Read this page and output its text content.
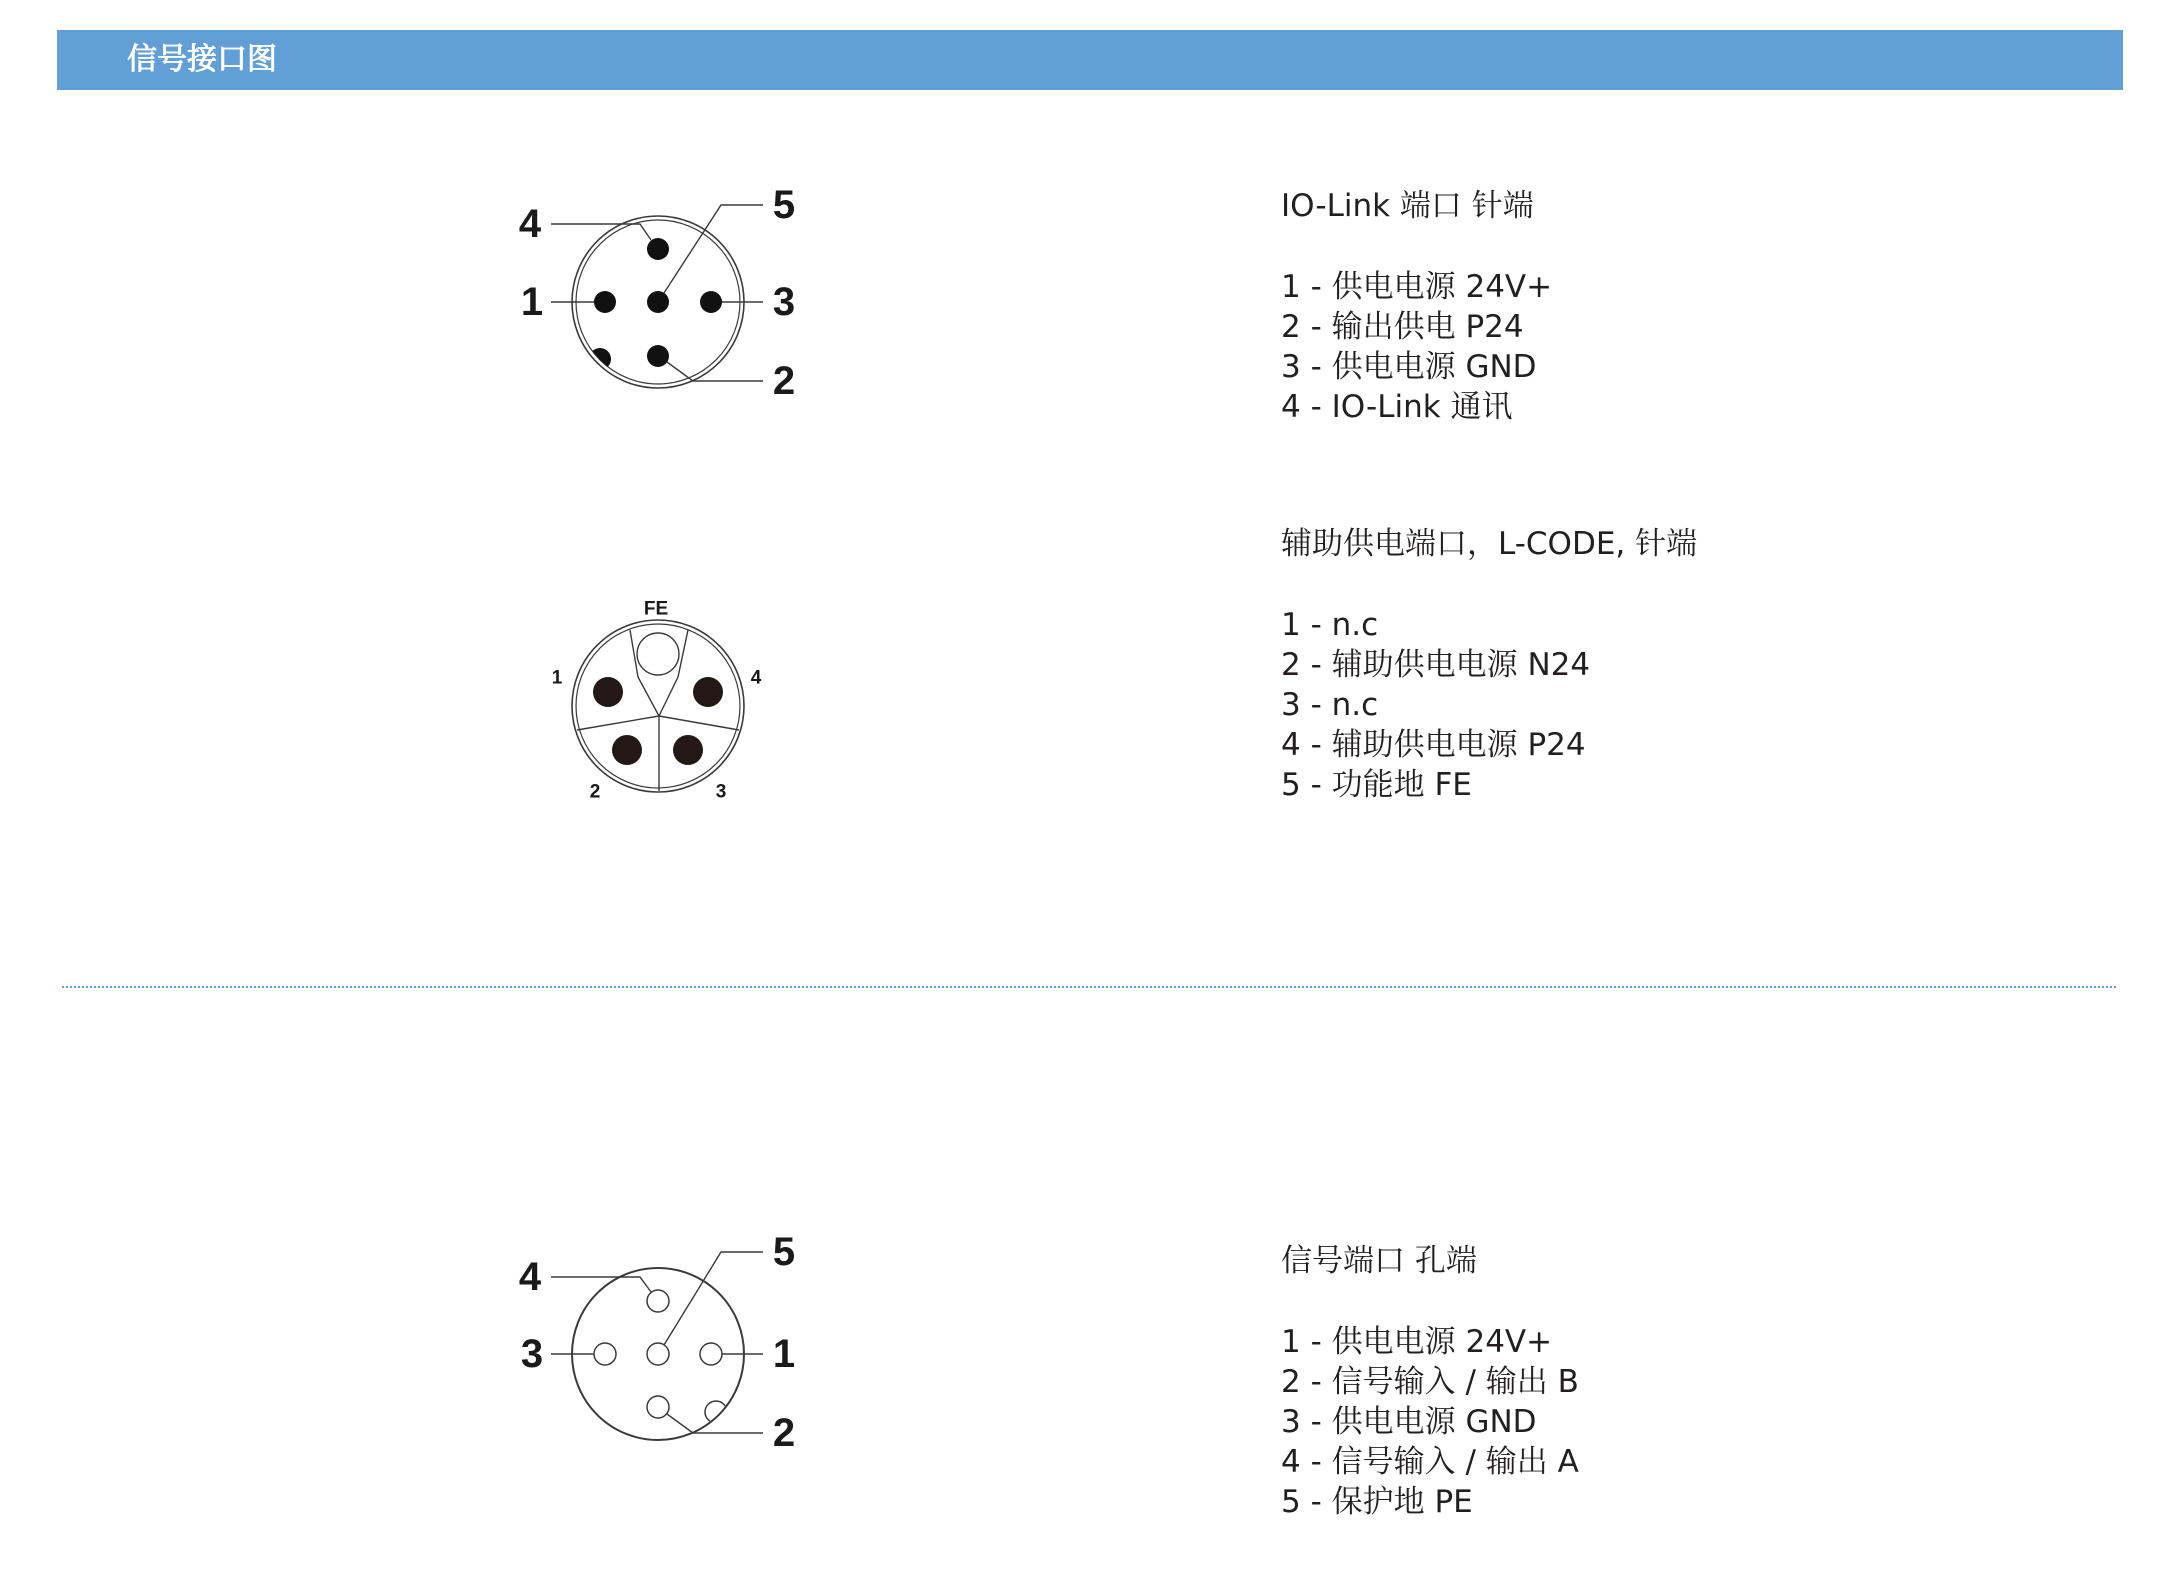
信号接口图
4	5
1	3
2
IO-Link 端口 针端
1 - 供电电源 24V+
2 - 输出供电 P24
3 - 供电电源 GND
4 - IO-Link 通讯
FE
1	4
2	3
辅助供电端口，L-CODE, 针端
1 - n.c
2 - 辅助供电电源 N24
3 - n.c
4 - 辅助供电电源 P24
5 - 功能地 FE
4
5
3	1
2
信号端口 孔端
1 - 供电电源 24V+
2 - 信号输入 / 输出 B
3 - 供电电源 GND
4 - 信号输入 / 输出 A
5 - 保护地 PE
